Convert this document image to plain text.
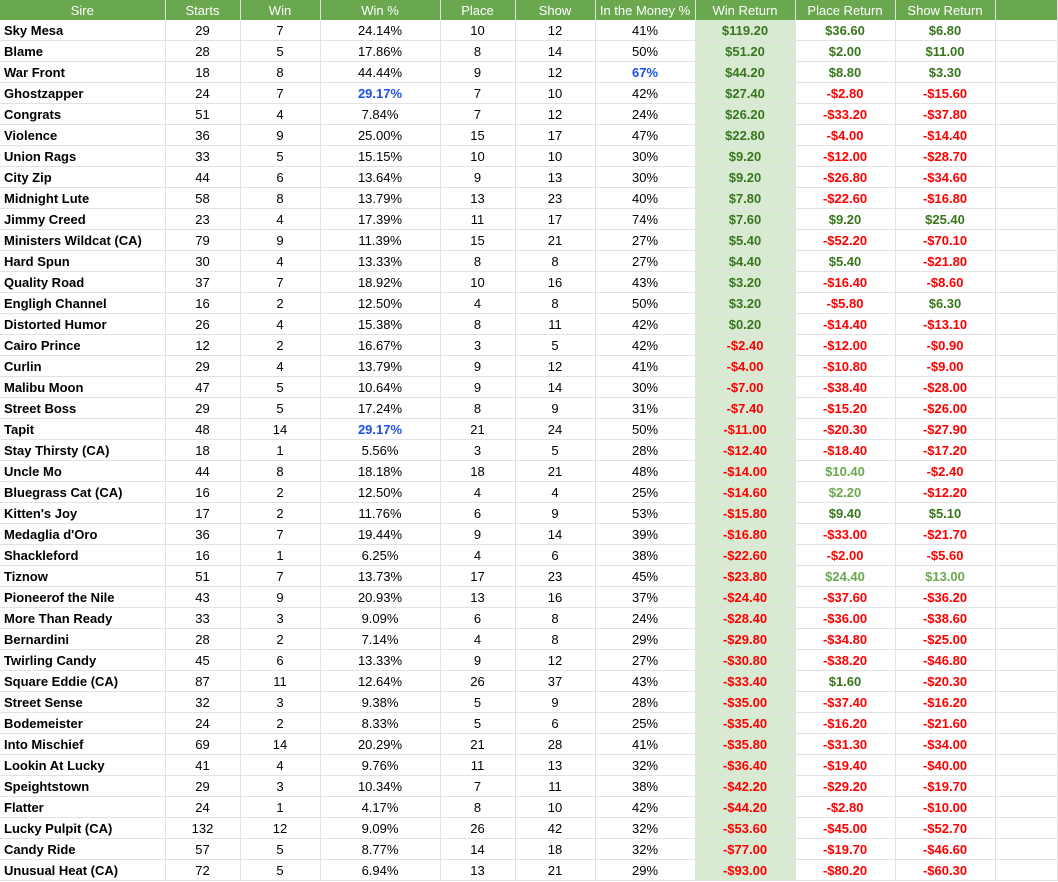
Sire	Starts	Win	Win %	Place	Show	In the Money %	Win Return	Place Return	Show Return	
Sky Mesa	29	7	24.14%	10	12	41%	$119.20	$36.60	$6.80	
Blame	28	5	17.86%	8	14	50%	$51.20	$2.00	$11.00	
War Front	18	8	44.44%	9	12	67%	$44.20	$8.80	$3.30	
Ghostzapper	24	7	29.17%	7	10	42%	$27.40	-$2.80	-$15.60	
Congrats	51	4	7.84%	7	12	24%	$26.20	-$33.20	-$37.80	
Violence	36	9	25.00%	15	17	47%	$22.80	-$4.00	-$14.40	
Union Rags	33	5	15.15%	10	10	30%	$9.20	-$12.00	-$28.70	
City Zip	44	6	13.64%	9	13	30%	$9.20	-$26.80	-$34.60	
Midnight Lute	58	8	13.79%	13	23	40%	$7.80	-$22.60	-$16.80	
Jimmy Creed	23	4	17.39%	11	17	74%	$7.60	$9.20	$25.40	
Ministers Wildcat (CA)	79	9	11.39%	15	21	27%	$5.40	-$52.20	-$70.10	
Hard Spun	30	4	13.33%	8	8	27%	$4.40	$5.40	-$21.80	
Quality Road	37	7	18.92%	10	16	43%	$3.20	-$16.40	-$8.60	
Engligh Channel	16	2	12.50%	4	8	50%	$3.20	-$5.80	$6.30	
Distorted Humor	26	4	15.38%	8	11	42%	$0.20	-$14.40	-$13.10	
Cairo Prince	12	2	16.67%	3	5	42%	-$2.40	-$12.00	-$0.90	
Curlin	29	4	13.79%	9	12	41%	-$4.00	-$10.80	-$9.00	
Malibu Moon	47	5	10.64%	9	14	30%	-$7.00	-$38.40	-$28.00	
Street Boss	29	5	17.24%	8	9	31%	-$7.40	-$15.20	-$26.00	
Tapit	48	14	29.17%	21	24	50%	-$11.00	-$20.30	-$27.90	
Stay Thirsty (CA)	18	1	5.56%	3	5	28%	-$12.40	-$18.40	-$17.20	
Uncle Mo	44	8	18.18%	18	21	48%	-$14.00	$10.40	-$2.40	
Bluegrass Cat (CA)	16	2	12.50%	4	4	25%	-$14.60	$2.20	-$12.20	
Kitten's Joy	17	2	11.76%	6	9	53%	-$15.80	$9.40	$5.10	
Medaglia d'Oro	36	7	19.44%	9	14	39%	-$16.80	-$33.00	-$21.70	
Shackleford	16	1	6.25%	4	6	38%	-$22.60	-$2.00	-$5.60	
Tiznow	51	7	13.73%	17	23	45%	-$23.80	$24.40	$13.00	
Pioneerof the Nile	43	9	20.93%	13	16	37%	-$24.40	-$37.60	-$36.20	
More Than Ready	33	3	9.09%	6	8	24%	-$28.40	-$36.00	-$38.60	
Bernardini	28	2	7.14%	4	8	29%	-$29.80	-$34.80	-$25.00	
Twirling Candy	45	6	13.33%	9	12	27%	-$30.80	-$38.20	-$46.80	
Square Eddie (CA)	87	11	12.64%	26	37	43%	-$33.40	$1.60	-$20.30	
Street Sense	32	3	9.38%	5	9	28%	-$35.00	-$37.40	-$16.20	
Bodemeister	24	2	8.33%	5	6	25%	-$35.40	-$16.20	-$21.60	
Into Mischief	69	14	20.29%	21	28	41%	-$35.80	-$31.30	-$34.00	
Lookin At Lucky	41	4	9.76%	11	13	32%	-$36.40	-$19.40	-$40.00	
Speightstown	29	3	10.34%	7	11	38%	-$42.20	-$29.20	-$19.70	
Flatter	24	1	4.17%	8	10	42%	-$44.20	-$2.80	-$10.00	
Lucky Pulpit (CA)	132	12	9.09%	26	42	32%	-$53.60	-$45.00	-$52.70	
Candy Ride	57	5	8.77%	14	18	32%	-$77.00	-$19.70	-$46.60	
Unusual Heat (CA)	72	5	6.94%	13	21	29%	-$93.00	-$80.20	-$60.30	
